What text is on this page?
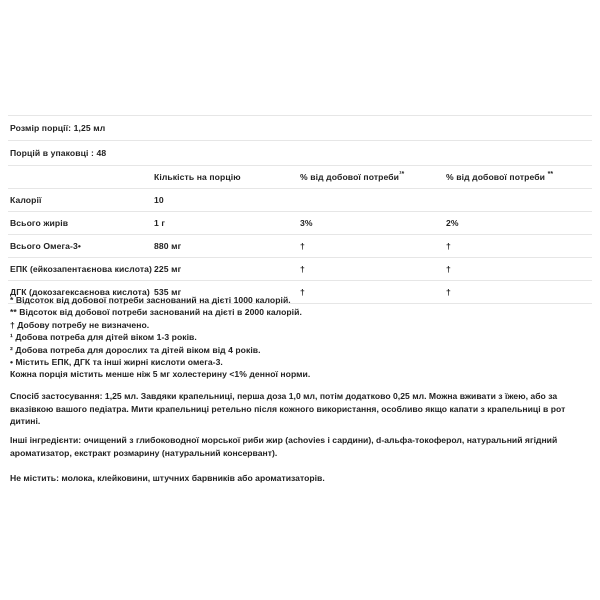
Розмір порції: 1,25 мл			
Порцій в упаковці : 48			
	Кількість на порцію	% від добової потреби$^{^1*}$	% від добової потреби **
Калорії	10		
Всього жирів	1 г	3%	2%
Всього Омега-3•	880 мг	†	†
ЕПК (ейкозапентаєнова кислота)	225 мг	†	†
ДГК (докозагексаєнова кислота)	535 мг	†	†
* Відсоток від добової потреби заснований на дієті 1000 калорій.
** Відсоток від добової потреби заснований на дієті в 2000 калорій.
† Добову потребу не визначено.
¹ Добова потреба для дітей віком 1-3 років.
² Добова потреба для дорослих та дітей віком від 4 років.
• Містить ЕПК, ДГК та інші жирні кислоти омега-3.
Кожна порція містить менше ніж 5 мг холестерину <1% денної норми.
Спосіб застосування: 1,25 мл. Завдяки крапельниці, перша доза 1,0 мл, потім додатково 0,25 мл. Можна вживати з їжею, або за вказівкою вашого педіатра. Мити крапельниці ретельно після кожного використання, особливо якщо капати з крапельниці в рот дитині.
Інші інгредієнти: очищений з глибоководної морської риби жир (achovies і сардини), d-альфа-токоферол, натуральний ягідний ароматизатор, екстракт розмарину (натуральний консервант).
Не містить: молока, клейковини, штучних барвників або ароматизаторів.
